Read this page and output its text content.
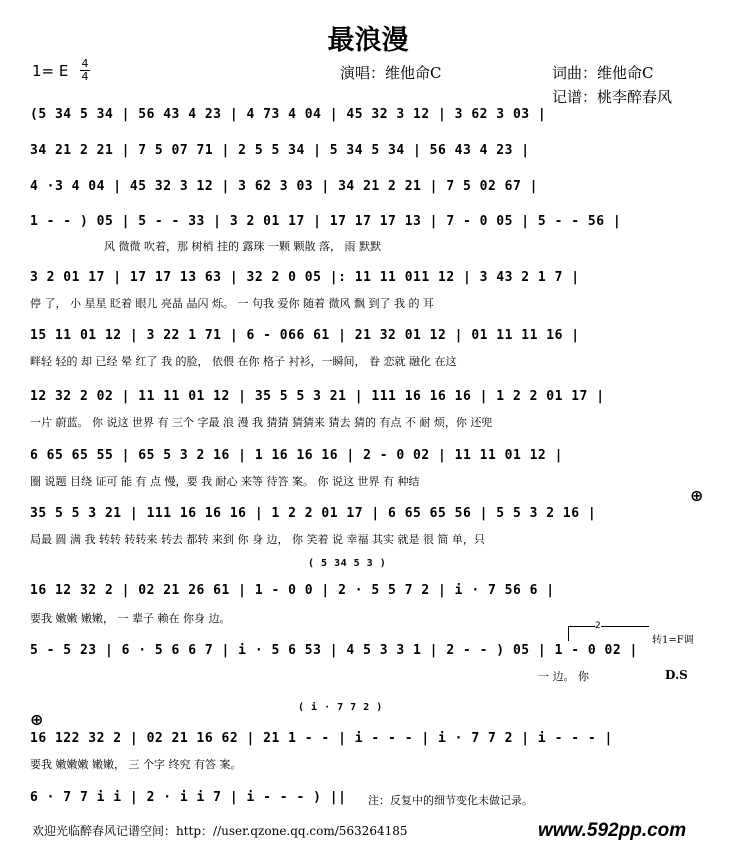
最浪漫
1= E 4
4	演唱：维他命C	词曲：维他命C
记谱：桃李醉春风
(5 34 5 34 | 56 43 4 23 | 4 73 4 04 | 45 32 3 12 | 3 62 3 03 |
34 21 2 21 | 7 5 07 71 | 2 5 5 34 | 5 34 5 34 | 56 43 4 23 |
4 ·3 4 04 | 45 32 3 12 | 3 62 3 03 | 34 21 2 21 | 7 5 02 67 |
1 - - ) 05 | 5 - - 33 | 3 2 01 17 | 17 17 17 13 | 7 - 0 05 | 5 - - 56 |
风 微微 吹着，那 树梢 挂的 露珠 一颗 颗散 落， 雨 默默
3 2 01 17 | 17 17 13 63 | 32 2 0 05 |: 11 11 011 12 | 3 43 2 1 7 |
停 了， 小 星星 眨着 眼儿 亮晶 晶闪 烁。 一 句我 爱你 随着 微风 飘 到了 我 的 耳
15 11 01 12 | 3 22 1 71 | 6 - 066 61 | 21 32 01 12 | 01 11 11 16 |
畔轻 轻的 却 已经 晕 红了 我 的脸， 依偎 在你 格子 衬衫，一瞬间， 眷 恋就 融化 在这
12 32 2 02 | 11 11 01 12 | 35 5 5 3 21 | 111 16 16 16 | 1 2 2 01 17 |
一片 蔚蓝。 你 说这 世界 有 三个 字最 浪 漫 我 猜猜 猜猜来 猜去 猜的 有点 不 耐 烦，你 还兜
6 65 65 55 | 65 5 3 2 16 | 1 16 16 16 | 2 - 0 02 | 11 11 01 12 |
圈 说题 目绕 证可 能 有 点 慢，要 我 耐心 来等 待答 案。 你 说这 世界 有 种结
⊕
35 5 5 3 21 | 111 16 16 16 | 1 2 2 01 17 | 6 65 65 56 | 5 5 3 2 16 |
局最 圆 满 我 转转 转转来 转去 都转 来到 你 身 边， 你 笑着 说 幸福 其实 就是 很 简 单，只
( 5 34 5 3 )
16 12 32 2 | 02 21 26 61 | 1 - 0 0 | 2 · 5 5 7 2 | i · 7 56 6 |
要我 嫩嫩 嫩嫩， 一 辈子 赖在 你身 边。
2
转1=F调
5 - 5 23 | 6 · 5 6 6 7 | i · 5 6 53 | 4 5 3 3 1 | 2 - - ) 05 | 1 - 0 02 |
一 边。 你	D.S
( i · 7 7 2 )
⊕
16 122 32 2 | 02 21 16 62 | 21 1 - - | i - - - | i · 7 7 2 | i - - - |
要我 嫩嫩嫩 嫩嫩， 三 个字 终究 有答 案。
6 · 7 7 i i | 2 · i i 7 | i - - - ) || 注：反复中的细节变化未做记录。
欢迎光临醉春风记谱空间：http：//user.qzone.qq.com/563264185	www.592pp.com
